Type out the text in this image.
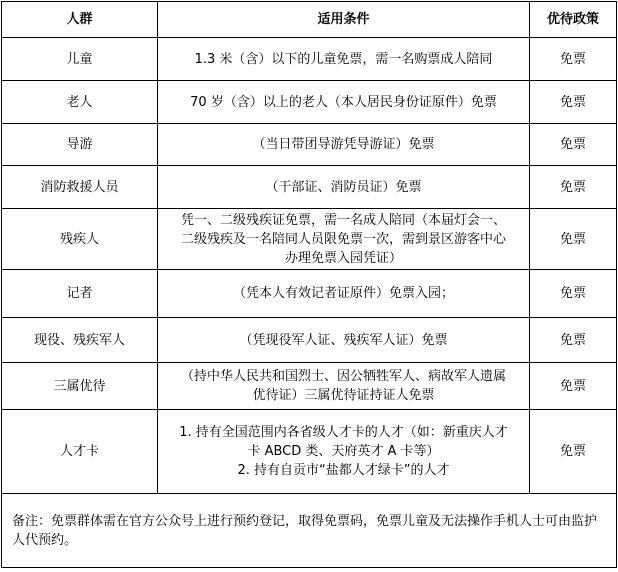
人群	适用条件	优待政策
儿童	1.3 米（含）以下的儿童免票，需一名购票成人陪同	免票
老人	70 岁（含）以上的老人（本人居民身份证原件）免票	免票
导游	（当日带团导游凭导游证）免票	免票
消防救援人员	（干部证、消防员证）免票	免票
残疾人	凭一、二级残疾证免票，需一名成人陪同（本届灯会一、
二级残疾及一名陪同人员限免票一次，需到景区游客中心
办理免票入园凭证）	免票
记者	（凭本人有效记者证原件）免票入园；	免票
现役、残疾军人	（凭现役军人证、残疾军人证）免票	免票
三属优待	（持中华人民共和国烈士、因公牺牲军人、病故军人遗属
优待证）三属优待证持证人免票	免票
人才卡	1. 持有全国范围内各省级人才卡的人才（如：新重庆人才
卡 ABCD 类、天府英才 A 卡等）
2. 持有自贡市“盐都人才绿卡”的人才	免票

备注：免票群体需在官方公众号上进行预约登记，取得免票码，免票儿童及无法操作手机人士可由监护人代预约。		
